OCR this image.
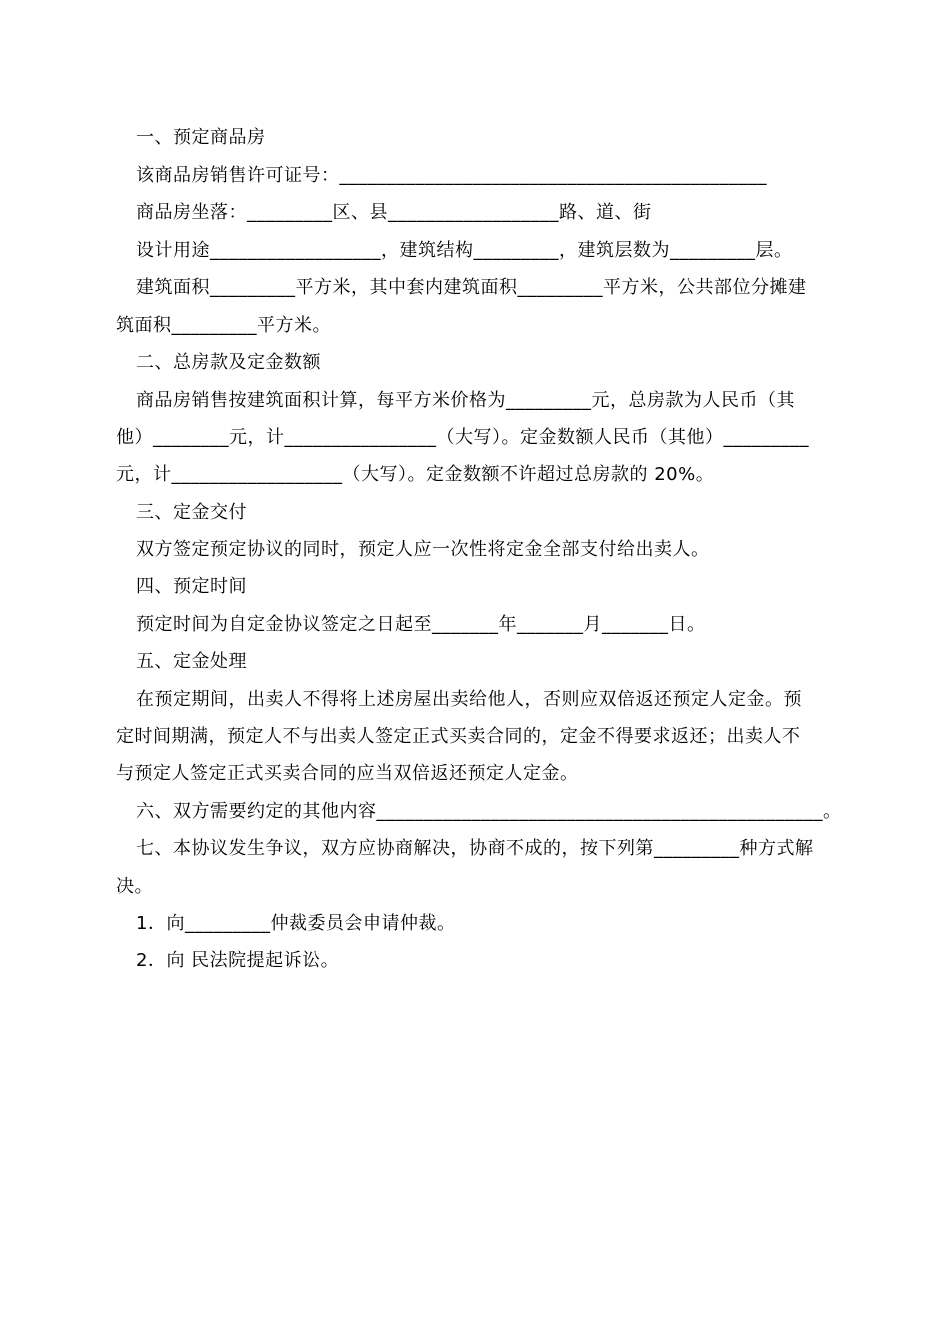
一、预定商品房
该商品房销售许可证号：_____________________________________________
商品房坐落：_________区、县__________________路、道、街
设计用途__________________，建筑结构_________，建筑层数为_________层。
建筑面积_________平方米，其中套内建筑面积_________平方米，公共部位分摊建
筑面积_________平方米。
二、总房款及定金数额
商品房销售按建筑面积计算，每平方米价格为_________元，总房款为人民币（其
他）________元，计________________（大写）。定金数额人民币（其他）_________
元，计__________________（大写）。定金数额不许超过总房款的 20%。
三、定金交付
双方签定预定协议的同时，预定人应一次性将定金全部支付给出卖人。
四、预定时间
预定时间为自定金协议签定之日起至_______年_______月_______日。
五、定金处理
在预定期间，出卖人不得将上述房屋出卖给他人，否则应双倍返还预定人定金。预
定时间期满，预定人不与出卖人签定正式买卖合同的，定金不得要求返还；出卖人不
与预定人签定正式买卖合同的应当双倍返还预定人定金。
六、双方需要约定的其他内容_______________________________________________。
七、本协议发生争议，双方应协商解决，协商不成的，按下列第_________种方式解
决。
1．向_________仲裁委员会申请仲裁。
2．向 民法院提起诉讼。
